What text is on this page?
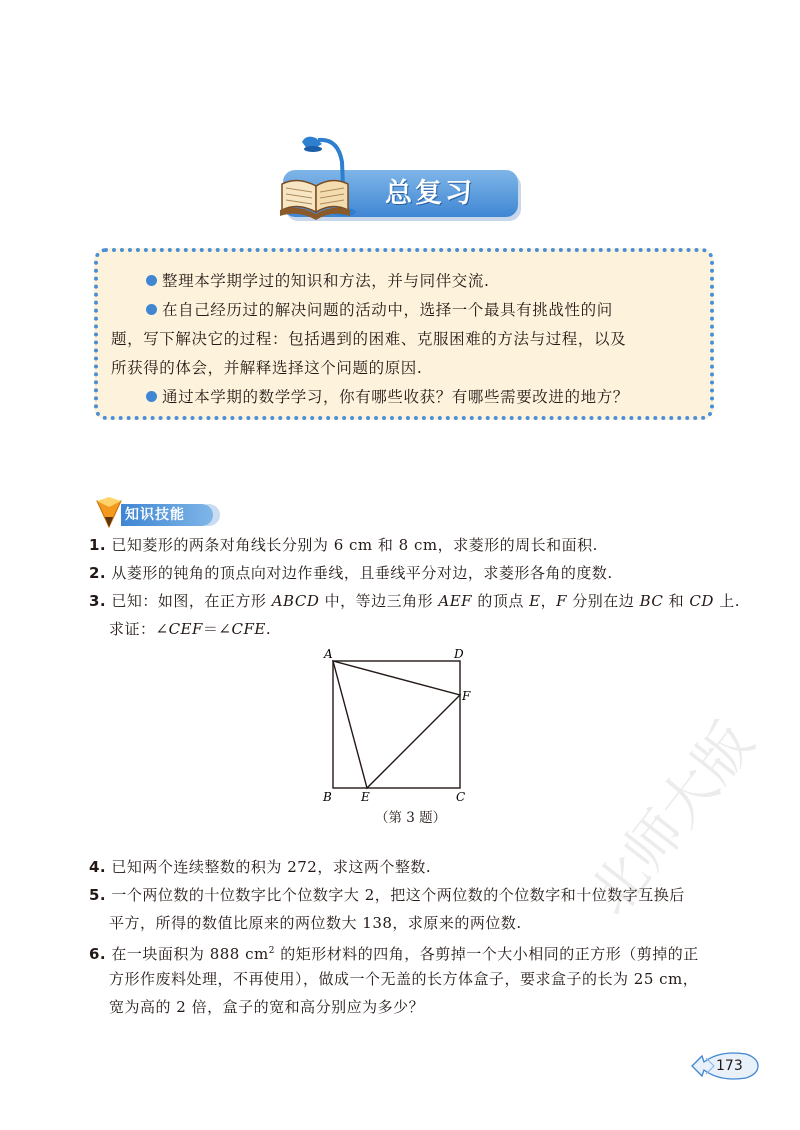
总复习
整理本学期学过的知识和方法，并与同伴交流.
在自己经历过的解决问题的活动中，选择一个最具有挑战性的问
题，写下解决它的过程：包括遇到的困难、克服困难的方法与过程，以及
所获得的体会，并解释选择这个问题的原因.
通过本学期的数学学习，你有哪些收获？有哪些需要改进的地方？
知识技能
1. 已知菱形的两条对角线长分别为 6 cm 和 8 cm，求菱形的周长和面积.
2. 从菱形的钝角的顶点向对边作垂线，且垂线平分对边，求菱形各角的度数.
3. 已知：如图，在正方形 ABCD 中，等边三角形 AEF 的顶点 E，F 分别在边 BC 和 CD 上.
求证：∠CEF＝∠CFE.
A	D
F
B E	C
（第 3 题）
4. 已知两个连续整数的积为 272，求这两个整数.
5. 一个两位数的十位数字比个位数字大 2，把这个两位数的个位数字和十位数字互换后
平方，所得的数值比原来的两位数大 138，求原来的两位数.
6. 在一块面积为 888 $cm^2$ 的矩形材料的四角，各剪掉一个大小相同的正方形（剪掉的正
方形作废料处理，不再使用），做成一个无盖的长方体盒子，要求盒子的长为 25 cm，
宽为高的 2 倍，盒子的宽和高分别应为多少？
北师大版
173
